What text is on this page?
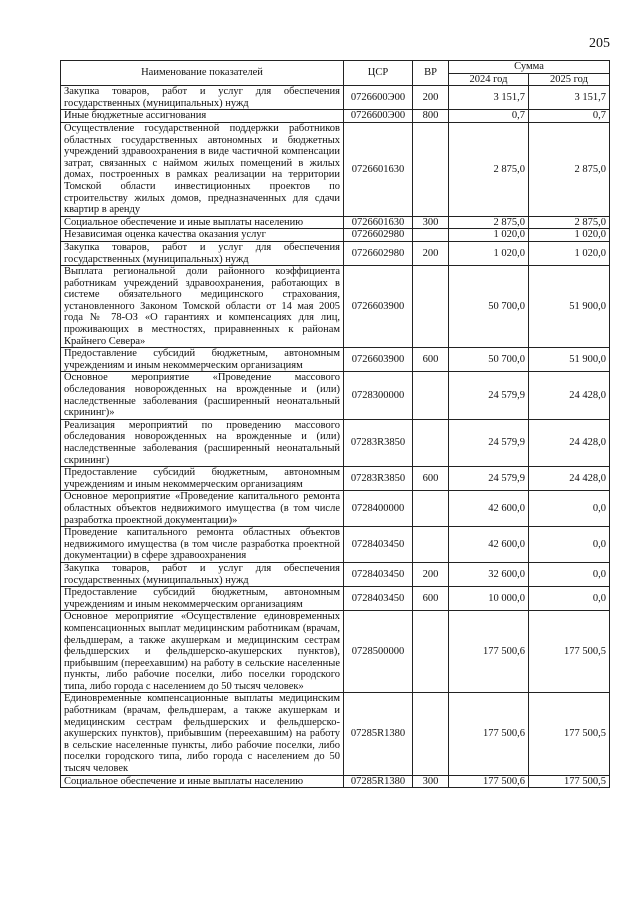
205
Наименование показателей	ЦСР	ВР	Сумма	
			2024 год	2025 год
Закупка товаров, работ и услуг для обеспечения государственных (муниципальных) нужд	0726600Э00	200	3 151,7	3 151,7
Иные бюджетные ассигнования	0726600Э00	800	0,7	0,7
Осуществление государственной поддержки работников областных государственных автономных и бюджетных учреждений здравоохранения в виде частичной компенсации затрат, связанных с наймом жилых помещений в жилых домах, построенных в рамках реализации на территории Томской области инвестиционных проектов по строительству жилых домов, предназначенных для сдачи квартир в аренду	0726601630		2 875,0	2 875,0
Социальное обеспечение и иные выплаты населению	0726601630	300	2 875,0	2 875,0
Независимая оценка качества оказания услуг	0726602980		1 020,0	1 020,0
Закупка товаров, работ и услуг для обеспечения государственных (муниципальных) нужд	0726602980	200	1 020,0	1 020,0
Выплата региональной доли районного коэффициента работникам учреждений здравоохранения, работающих в системе обязательного медицинского страхования, установленного Законом Томской области от 14 мая 2005 года № 78-ОЗ «О гарантиях и компенсациях для лиц, проживающих в местностях, приравненных к районам Крайнего Севера»	0726603900		50 700,0	51 900,0
Предоставление субсидий бюджетным, автономным учреждениям и иным некоммерческим организациям	0726603900	600	50 700,0	51 900,0
Основное мероприятие «Проведение массового обследования новорожденных на врожденные и (или) наследственные заболевания (расширенный неонатальный скрининг)»	0728300000		24 579,9	24 428,0
Реализация мероприятий по проведению массового обследования новорожденных на врожденные и (или) наследственные заболевания (расширенный неонатальный скрининг)	07283R3850		24 579,9	24 428,0
Предоставление субсидий бюджетным, автономным учреждениям и иным некоммерческим организациям	07283R3850	600	24 579,9	24 428,0
Основное мероприятие «Проведение капитального ремонта областных объектов недвижимого имущества (в том числе разработка проектной документации)»	0728400000		42 600,0	0,0
Проведение капитального ремонта областных объектов недвижимого имущества (в том числе разработка проектной документации) в сфере здравоохранения	0728403450		42 600,0	0,0
Закупка товаров, работ и услуг для обеспечения государственных (муниципальных) нужд	0728403450	200	32 600,0	0,0
Предоставление субсидий бюджетным, автономным учреждениям и иным некоммерческим организациям	0728403450	600	10 000,0	0,0
Основное мероприятие «Осуществление единовременных компенсационных выплат медицинским работникам (врачам, фельдшерам, а также акушеркам и медицинским сестрам фельдшерских и фельдшерско-акушерских пунктов), прибывшим (переехавшим) на работу в сельские населенные пункты, либо рабочие поселки, либо поселки городского типа, либо города с населением до 50 тысяч человек»	0728500000		177 500,6	177 500,5
Единовременные компенсационные выплаты медицинским работникам (врачам, фельдшерам, а также акушеркам и медицинским сестрам фельдшерских и фельдшерско-акушерских пунктов), прибывшим (переехавшим) на работу в сельские населенные пункты, либо рабочие поселки, либо поселки городского типа, либо города с населением до 50 тысяч человек	07285R1380		177 500,6	177 500,5
Социальное обеспечение и иные выплаты населению	07285R1380	300	177 500,6	177 500,5
